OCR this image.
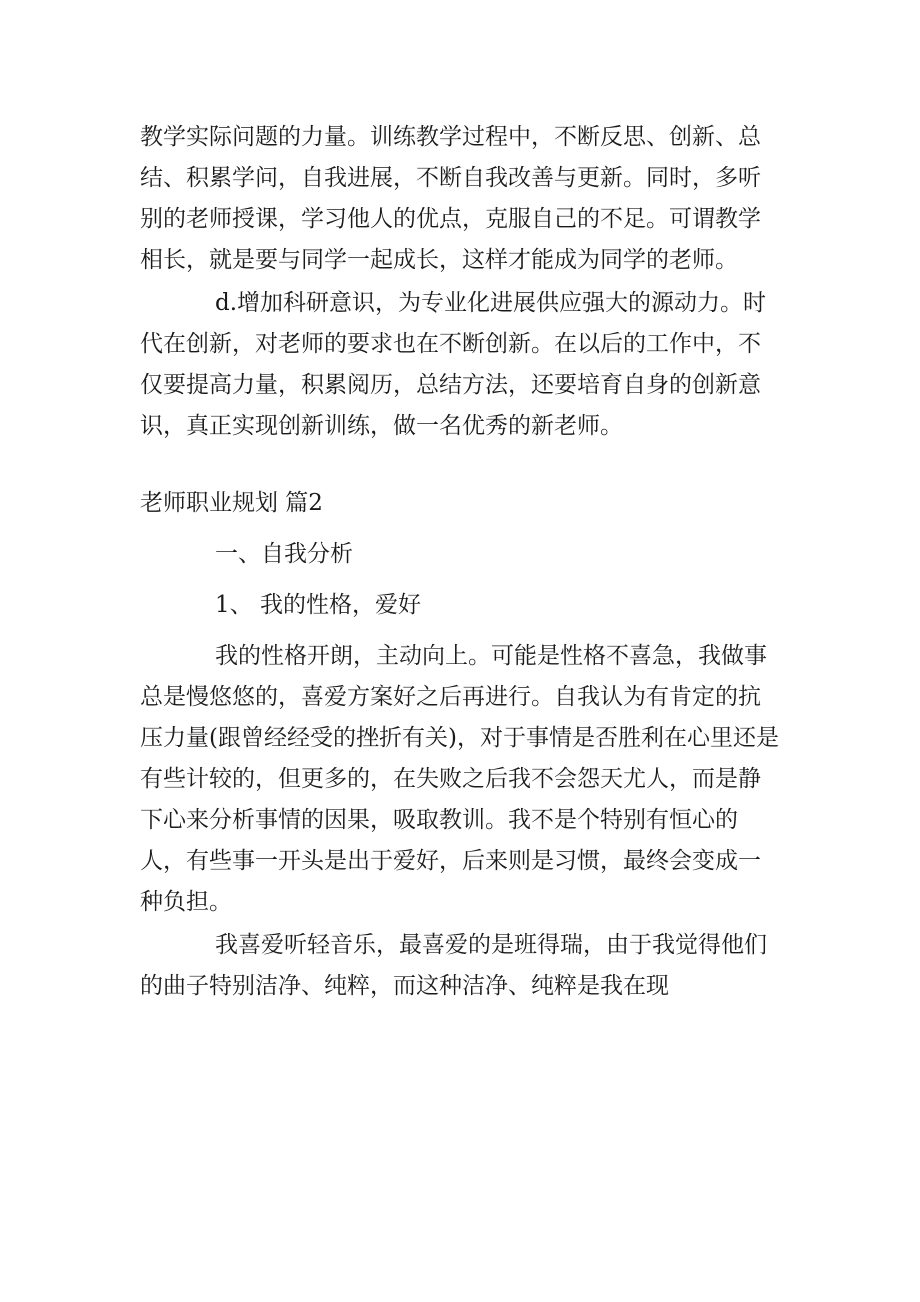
教学实际问题的力量。训练教学过程中，不断反思、创新、总结、积累学问，自我进展，不断自我改善与更新。同时，多听别的老师授课，学习他人的优点，克服自己的不足。可谓教学相长，就是要与同学一起成长，这样才能成为同学的老师。

d.增加科研意识，为专业化进展供应强大的源动力。时代在创新，对老师的要求也在不断创新。在以后的工作中，不仅要提高力量，积累阅历，总结方法，还要培育自身的创新意识，真正实现创新训练，做一名优秀的新老师。

老师职业规划 篇2

一、自我分析

1、 我的性格，爱好

我的性格开朗，主动向上。可能是性格不喜急，我做事总是慢悠悠的，喜爱方案好之后再进行。自我认为有肯定的抗压力量(跟曾经经受的挫折有关)，对于事情是否胜利在心里还是有些计较的，但更多的，在失败之后我不会怨天尤人，而是静下心来分析事情的因果，吸取教训。我不是个特别有恒心的人，有些事一开头是出于爱好，后来则是习惯，最终会变成一种负担。

我喜爱听轻音乐，最喜爱的是班得瑞，由于我觉得他们的曲子特别洁净、纯粹，而这种洁净、纯粹是我在现
